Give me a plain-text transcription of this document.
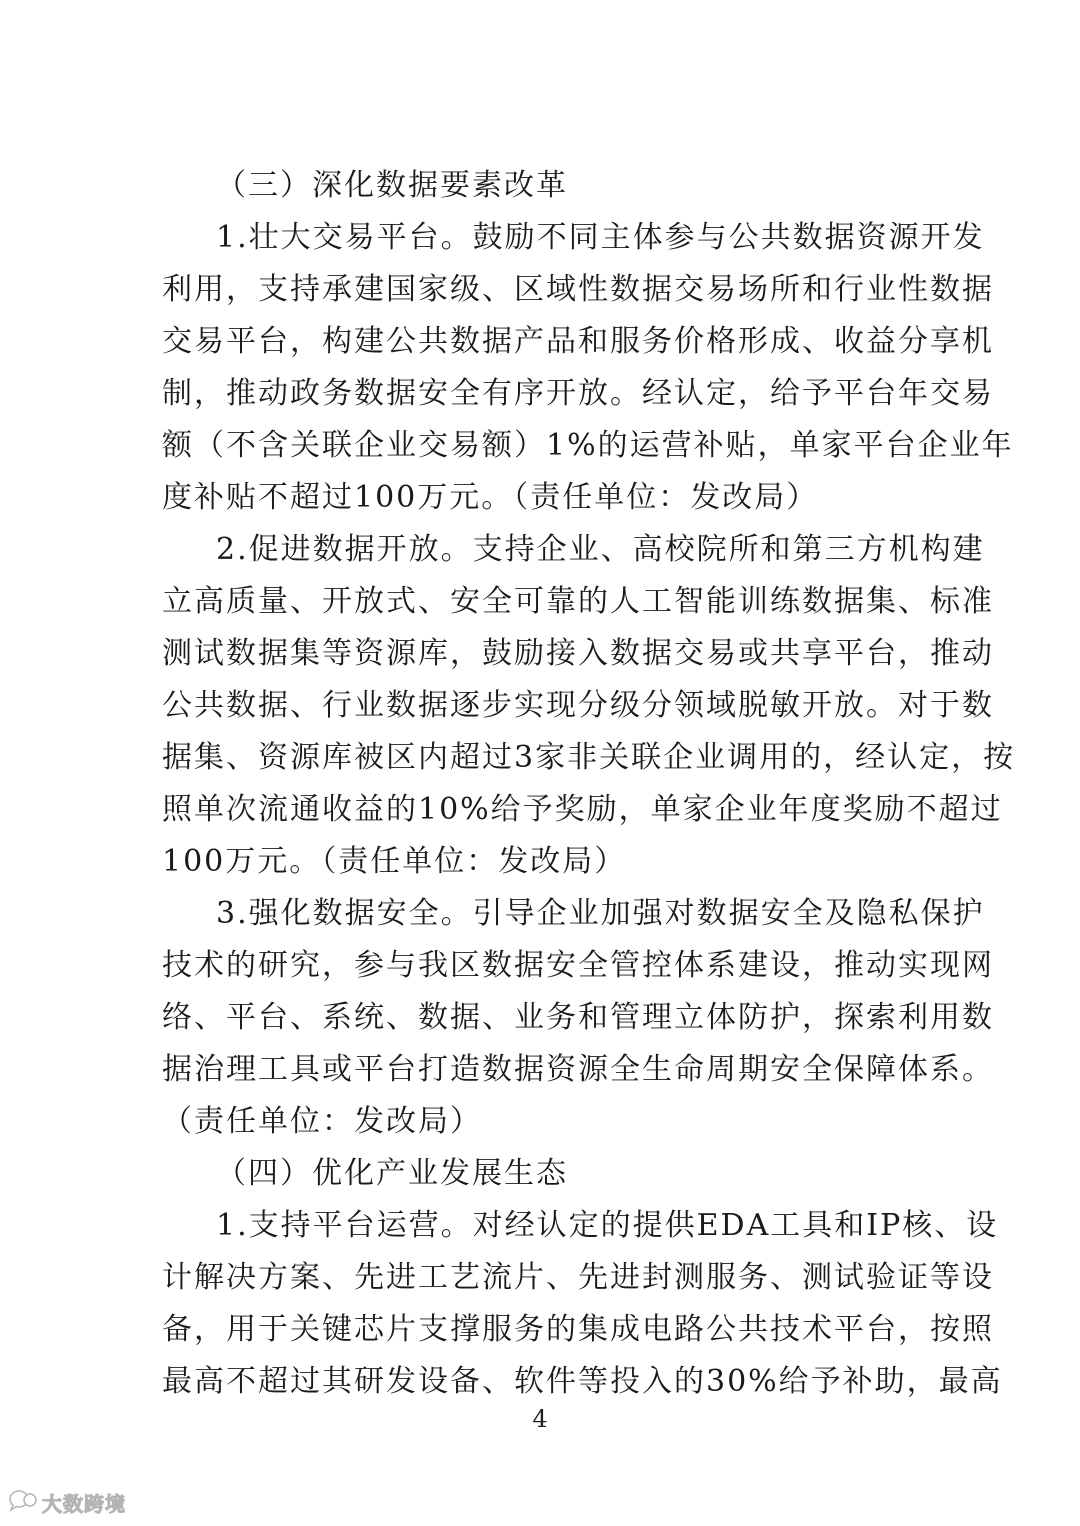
（三）深化数据要素改革
1.壮大交易平台。鼓励不同主体参与公共数据资源开发
利用，支持承建国家级、区域性数据交易场所和行业性数据
交易平台，构建公共数据产品和服务价格形成、收益分享机
制，推动政务数据安全有序开放。经认定，给予平台年交易
额（不含关联企业交易额）1%的运营补贴，单家平台企业年
度补贴不超过100万元。（责任单位：发改局）
2.促进数据开放。支持企业、高校院所和第三方机构建
立高质量、开放式、安全可靠的人工智能训练数据集、标准
测试数据集等资源库，鼓励接入数据交易或共享平台，推动
公共数据、行业数据逐步实现分级分领域脱敏开放。对于数
据集、资源库被区内超过3家非关联企业调用的，经认定，按
照单次流通收益的10%给予奖励，单家企业年度奖励不超过
100万元。（责任单位：发改局）
3.强化数据安全。引导企业加强对数据安全及隐私保护
技术的研究，参与我区数据安全管控体系建设，推动实现网
络、平台、系统、数据、业务和管理立体防护，探索利用数
据治理工具或平台打造数据资源全生命周期安全保障体系。
（责任单位：发改局）
（四）优化产业发展生态
1.支持平台运营。对经认定的提供EDA工具和IP核、设
计解决方案、先进工艺流片、先进封测服务、测试验证等设
备，用于关键芯片支撑服务的集成电路公共技术平台，按照
最高不超过其研发设备、软件等投入的30%给予补助，最高
4
大数跨境
